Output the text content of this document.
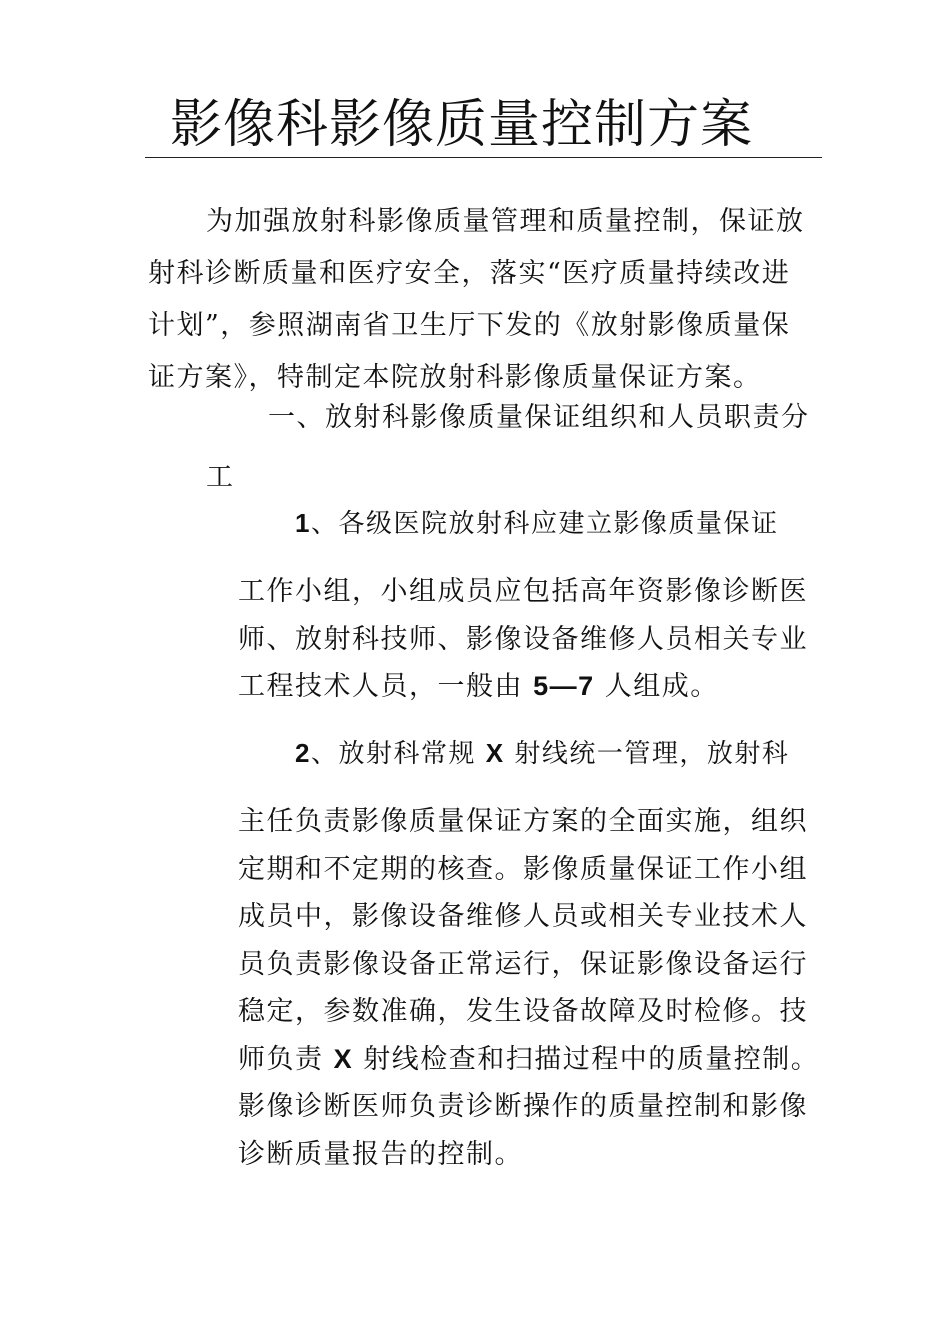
影像科影像质量控制方案
为加强放射科影像质量管理和质量控制，保证放
射科诊断质量和医疗安全，落实“医疗质量持续改进
计划”，参照湖南省卫生厅下发的《放射影像质量保
证方案》，特制定本院放射科影像质量保证方案。
一、放射科影像质量保证组织和人员职责分
工
1、各级医院放射科应建立影像质量保证
工作小组，小组成员应包括高年资影像诊断医
师、放射科技师、影像设备维修人员相关专业
工程技术人员，一般由 5—7 人组成。
2、放射科常规 X 射线统一管理，放射科
主任负责影像质量保证方案的全面实施，组织
定期和不定期的核查。影像质量保证工作小组
成员中，影像设备维修人员或相关专业技术人
员负责影像设备正常运行，保证影像设备运行
稳定，参数准确，发生设备故障及时检修。技
师负责 X 射线检查和扫描过程中的质量控制。
影像诊断医师负责诊断操作的质量控制和影像
诊断质量报告的控制。
